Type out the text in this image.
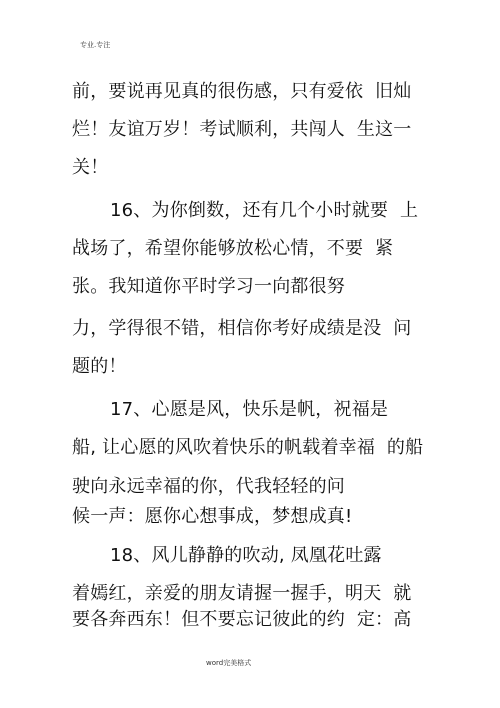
专业.专注
前，要说再见真的很伤感，只有爱依  旧灿
烂！友谊万岁！考试顺利，共闯人  生这一
关！
16、为你倒数，还有几个小时就要  上
战场了，希望你能够放松心情，不要  紧
张。我知道你平时学习一向都很努
力，学得很不错，相信你考好成绩是没  问
题的！
17、心愿是风，快乐是帆，祝福是
船, 让心愿的风吹着快乐的帆载着幸福  的船
驶向永远幸福的你，代我轻轻的问
候一声：愿你心想事成，梦想成真!
18、风儿静静的吹动, 凤凰花吐露
着嫣红，亲爱的朋友请握一握手，明天  就
要各奔西东！但不要忘记彼此的约  定：高
word完美格式
